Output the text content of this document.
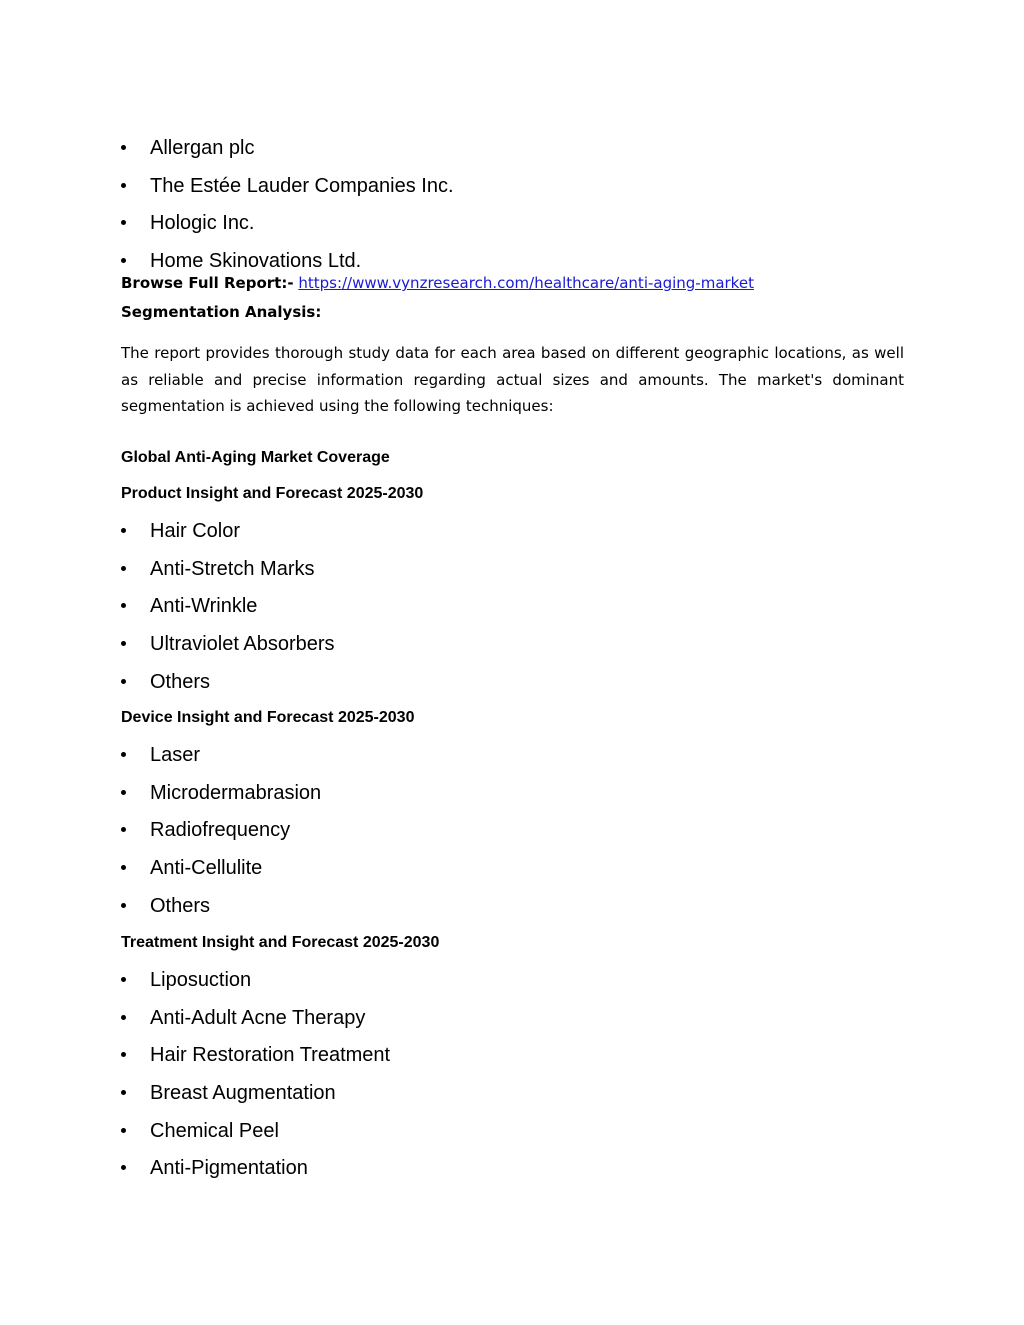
Allergan plc
The Estée Lauder Companies Inc.
Hologic Inc.
Home Skinovations Ltd.
Browse Full Report:- https://www.vynzresearch.com/healthcare/anti-aging-market
Segmentation Analysis:

The report provides thorough study data for each area based on different geographic locations, as well as reliable and precise information regarding actual sizes and amounts. The market's dominant segmentation is achieved using the following techniques:

Global Anti-Aging Market Coverage
Product Insight and Forecast 2025-2030
Hair Color
Anti-Stretch Marks
Anti-Wrinkle
Ultraviolet Absorbers
Others
Device Insight and Forecast 2025-2030
Laser
Microdermabrasion
Radiofrequency
Anti-Cellulite
Others
Treatment Insight and Forecast 2025-2030
Liposuction
Anti-Adult Acne Therapy
Hair Restoration Treatment
Breast Augmentation
Chemical Peel
Anti-Pigmentation
